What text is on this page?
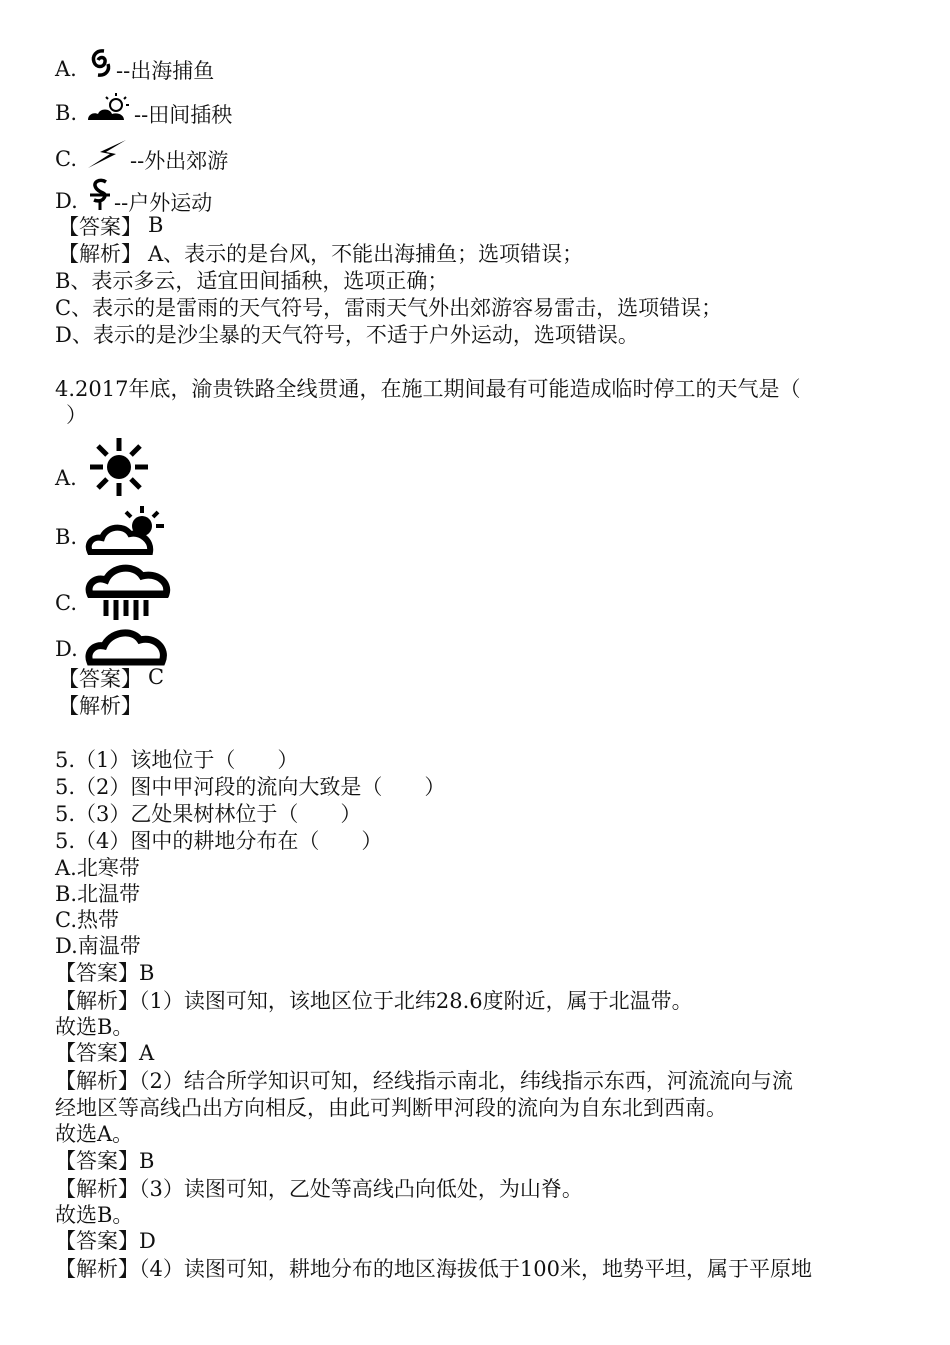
A. --出海捕鱼
B.	--田间插秧
C.	--外出郊游
D. --户外运动
【答案】 B
【解析】 A、表示的是台风，不能出海捕鱼；选项错误；
B、表示多云，适宜田间插秧，选项正确；
C、表示的是雷雨的天气符号，雷雨天气外出郊游容易雷击，选项错误；
D、表示的是沙尘暴的天气符号，不适于户外运动，选项错误。
4.2017年底，渝贵铁路全线贯通，在施工期间最有可能造成临时停工的天气是（
）
A.
B.
C.
D.
【答案】 C
【解析】
5.（1）该地位于（　　）
5.（2）图中甲河段的流向大致是（　　）
5.（3）乙处果树林位于（　　）
5.（4）图中的耕地分布在（　　）
A.北寒带
B.北温带
C.热带
D.南温带
【答案】B
【解析】（1）读图可知，该地区位于北纬28.6度附近，属于北温带。
故选B。
【答案】A
【解析】（2）结合所学知识可知，经线指示南北，纬线指示东西，河流流向与流
经地区等高线凸出方向相反，由此可判断甲河段的流向为自东北到西南。
故选A。
【答案】B
【解析】（3）读图可知，乙处等高线凸向低处，为山脊。
故选B。
【答案】D
【解析】（4）读图可知，耕地分布的地区海拔低于100米，地势平坦，属于平原地
